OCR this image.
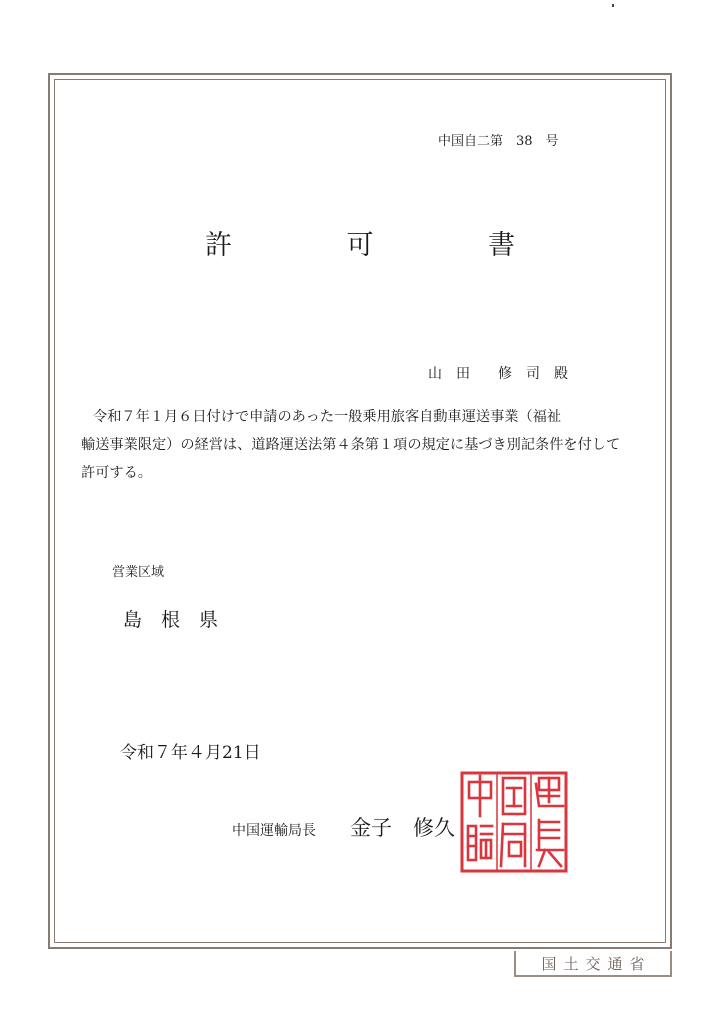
中国自二第　38　号
許	可	書
山　田　　修　司　殿
令和７年１月６日付けで申請のあった一般乗用旅客自動車運送事業（福祉
輸送事業限定）の経営は、道路運送法第４条第１項の規定に基づき別記条件を付して
許可する。
営業区域
島　根　県
令和７年４月21日
中国運輸局長 金子　修久
国土交通省
